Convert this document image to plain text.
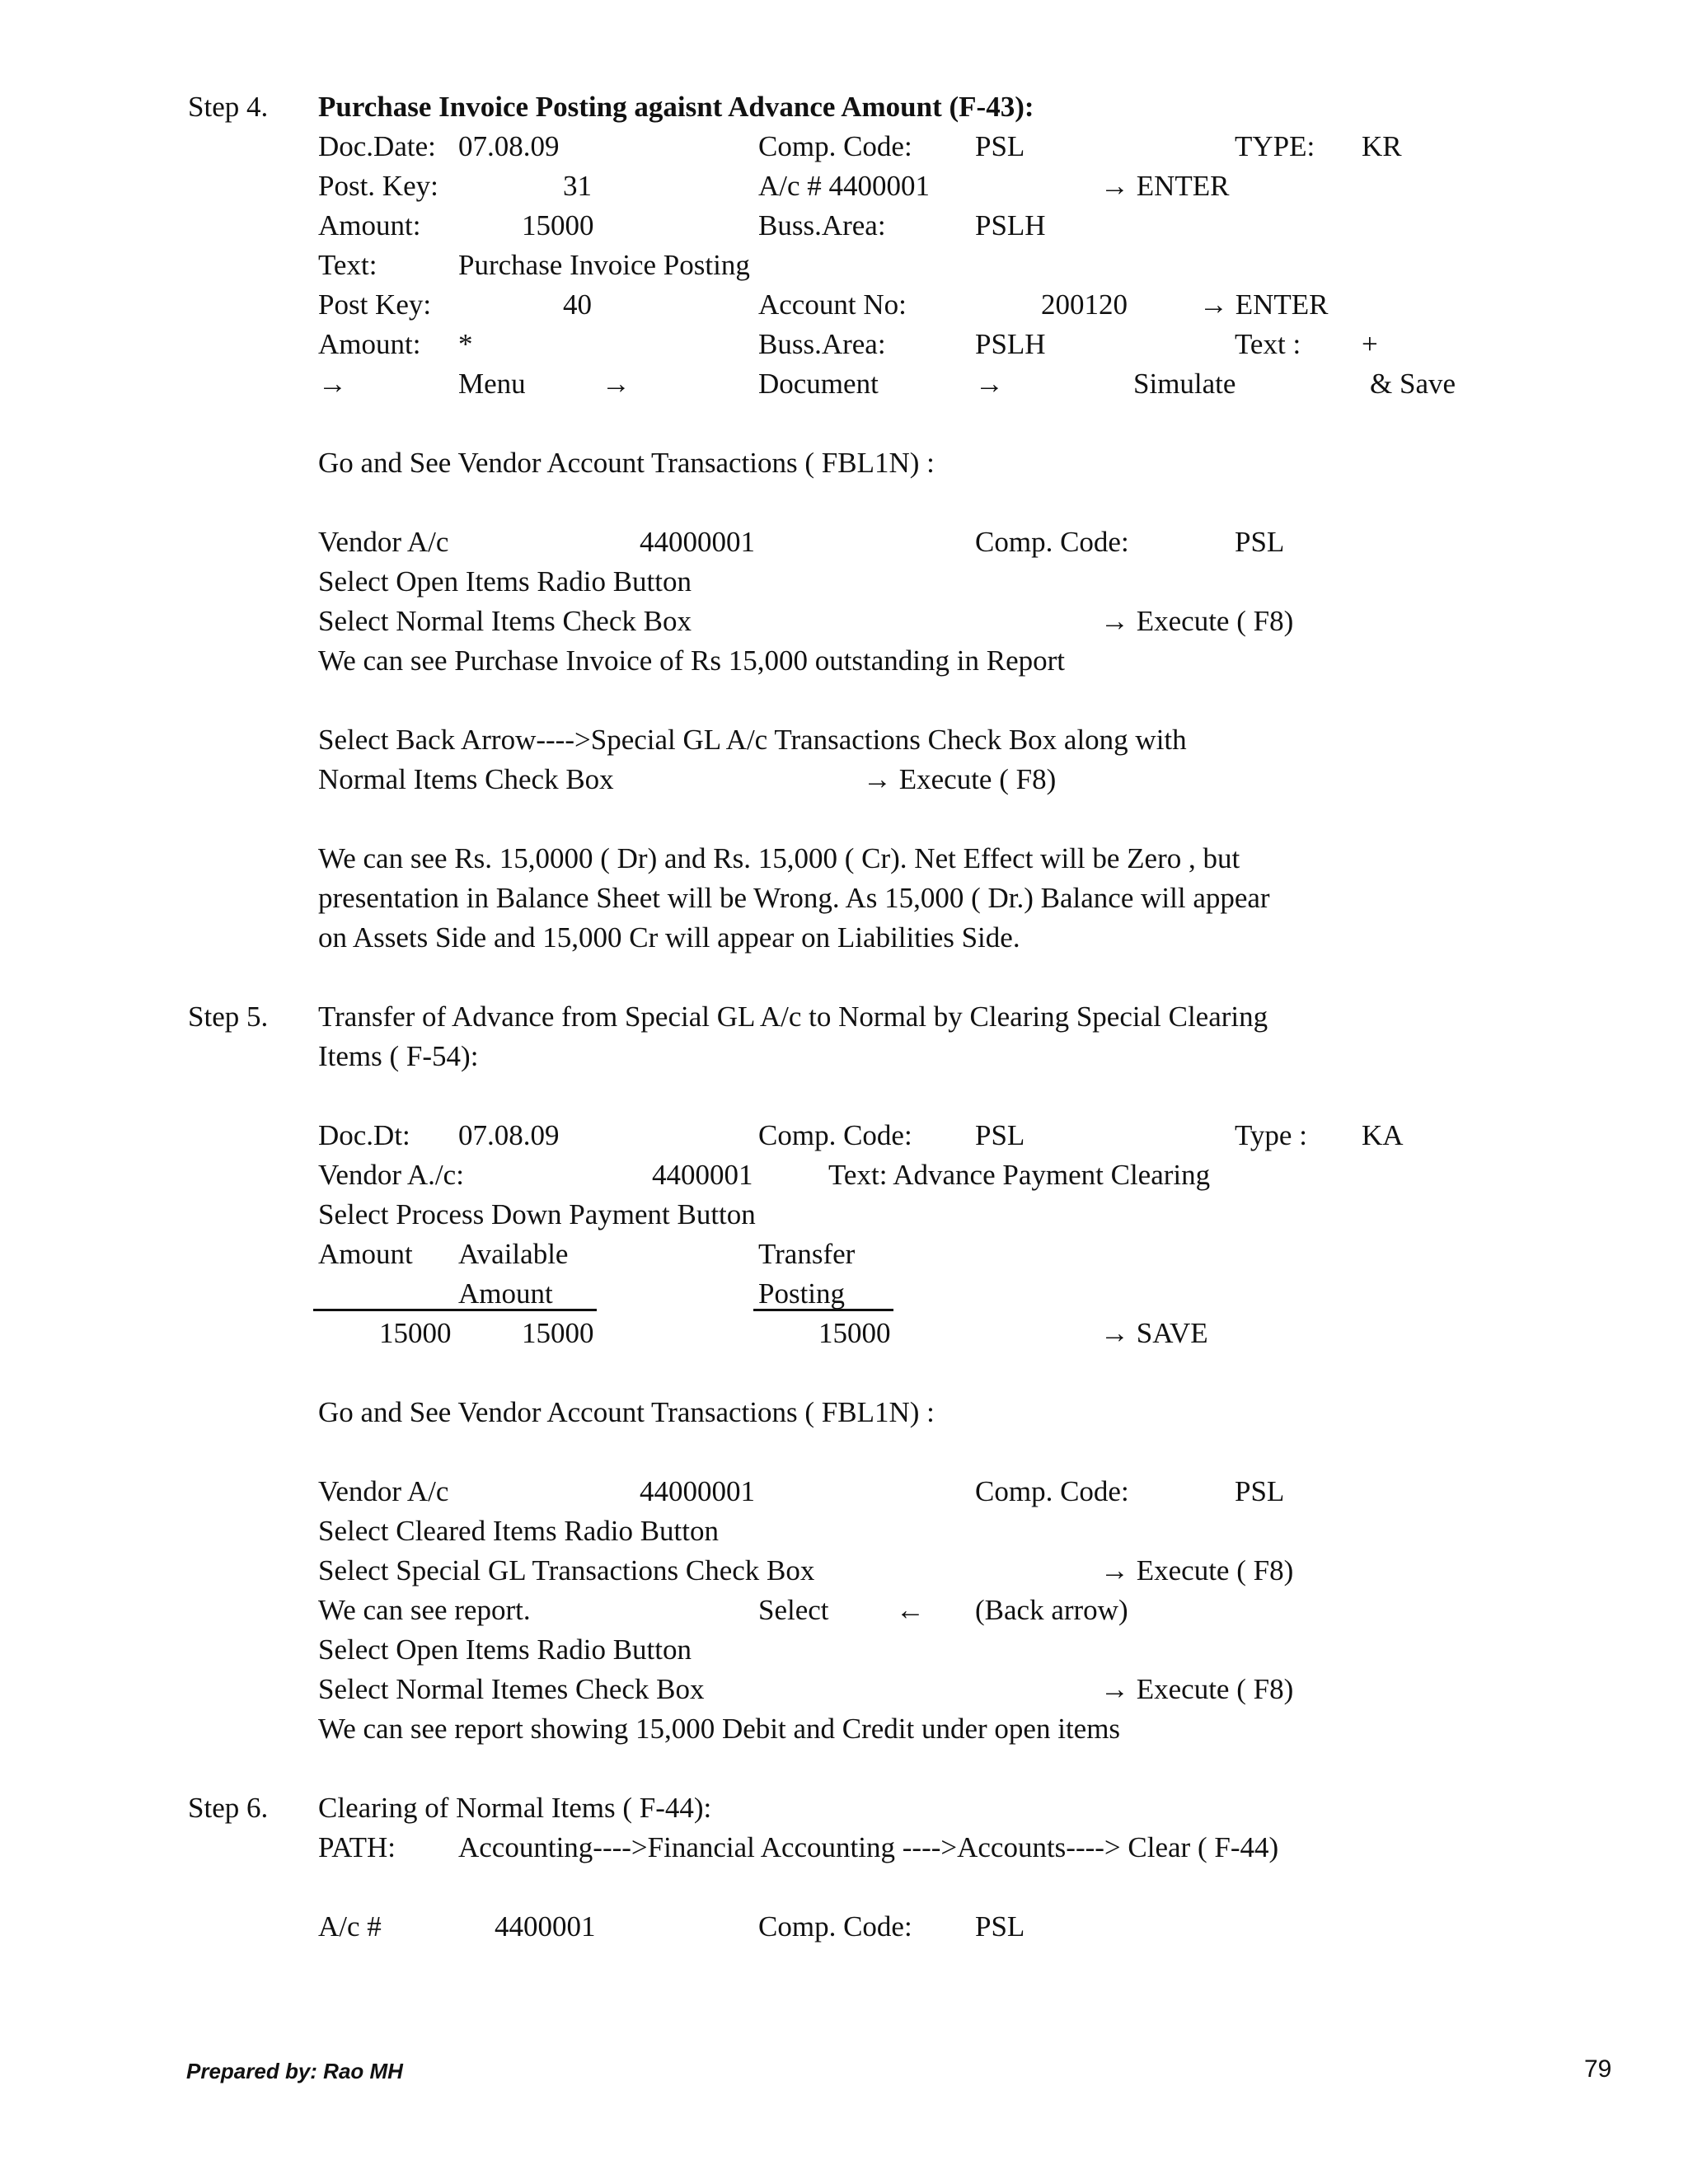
Step 4. Purchase Invoice Posting agaisnt Advance Amount (F-43):
Doc.Date: 07.08.09	Comp. Code: PSL	TYPE: KR
Post. Key:	31	A/c # 4400001	→ ENTER
Amount:	15000	Buss.Area:	PSLH
Text:	Purchase Invoice Posting
Post Key:	40	Account No:	200120 → ENTER
Amount: *	Buss.Area:	PSLH	Text : +
→	Menu	→	Document	→	Simulate	& Save
Go and See Vendor Account Transactions ( FBL1N) :
Vendor A/c	44000001	Comp. Code:	PSL
Select Open Items Radio Button
Select Normal Items Check Box	→ Execute ( F8)
We can see Purchase Invoice of Rs 15,000 outstanding in Report
Select Back Arrow---->Special GL A/c Transactions Check Box along with
Normal Items Check Box	→ Execute ( F8)
We can see Rs. 15,0000 ( Dr) and Rs. 15,000 ( Cr). Net Effect will be Zero , but
presentation in Balance Sheet will be Wrong. As 15,000 ( Dr.) Balance will appear
on Assets Side and 15,000 Cr will appear on Liabilities Side.
Step 5. Transfer of Advance from Special GL A/c to Normal by Clearing Special Clearing
Items ( F-54):
Doc.Dt: 07.08.09	Comp. Code: PSL	Type : KA
Vendor A./c:	4400001	Text: Advance Payment Clearing
Select Process Down Payment Button
Amount Available	Transfer
Amount	Posting
15000 15000	15000	→ SAVE
Go and See Vendor Account Transactions ( FBL1N) :
Vendor A/c	44000001	Comp. Code:	PSL
Select Cleared Items Radio Button
Select Special GL Transactions Check Box	→ Execute ( F8)
We can see report.	Select ← (Back arrow)
Select Open Items Radio Button
Select Normal Itemes Check Box	→ Execute ( F8)
We can see report showing 15,000 Debit and Credit under open items
Step 6. Clearing of Normal Items ( F-44):
PATH: Accounting---->Financial Accounting ---->Accounts----> Clear ( F-44)
A/c #	4400001	Comp. Code: PSL
Prepared by: Rao MH	79
